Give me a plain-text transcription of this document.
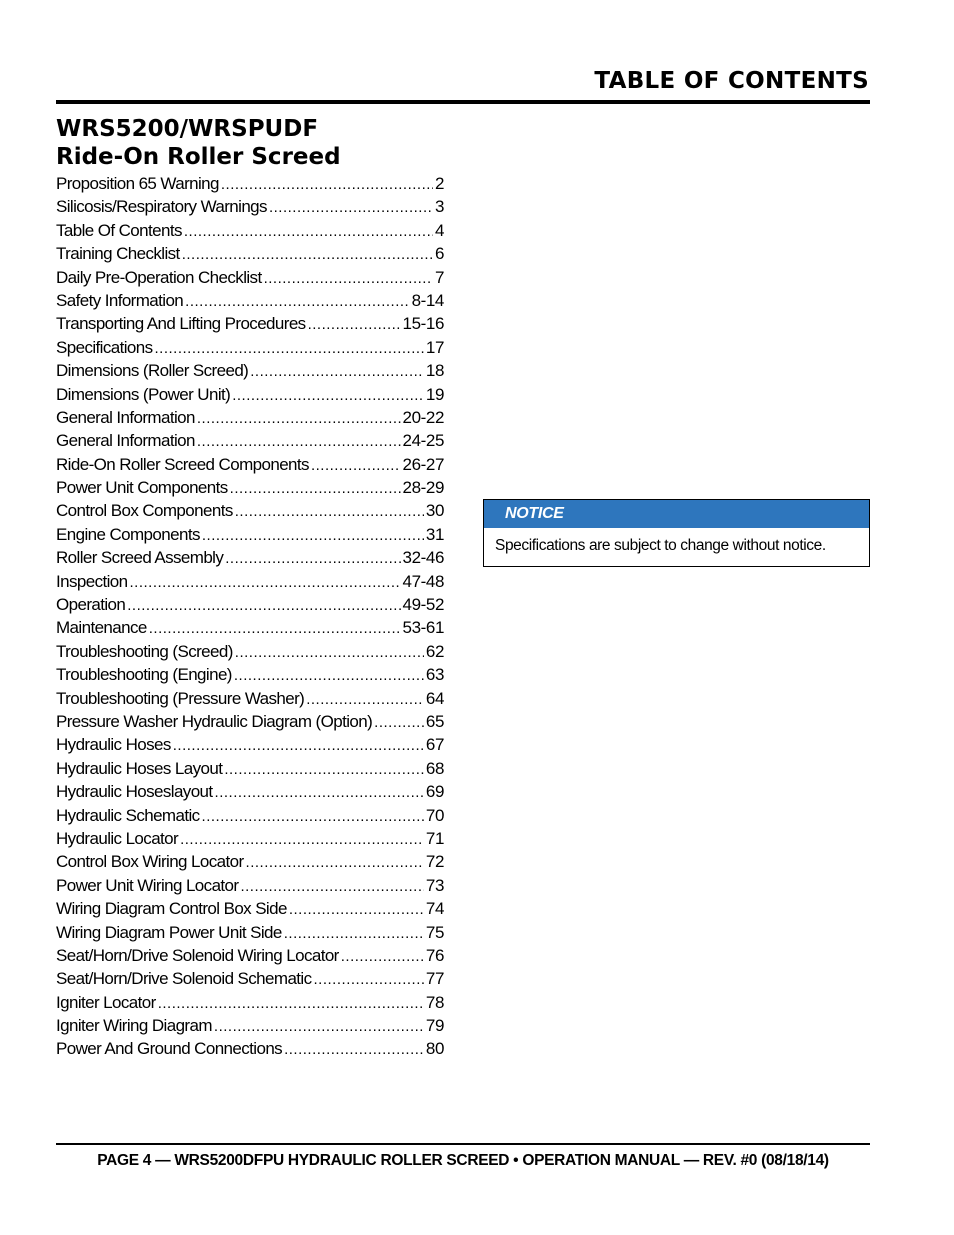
TABLE OF CONTENTS
WRS5200/WRSPUDF
Ride-On Roller Screed
Proposition 65 Warning .....	2
Silicosis/Respiratory Warnings .....	3
Table Of Contents .....	4
Training Checklist .....	6
Daily Pre-Operation Checklist .....	7
Safety Information .....	8-14
Transporting And Lifting Procedures .....	15-16
Specifications .....	17
Dimensions (Roller Screed) .....	18
Dimensions (Power Unit) .....	19
General Information .....	20-22
General Information .....	24-25
Ride-On Roller Screed Components .....	26-27
Power Unit Components .....	28-29
Control Box Components .....	30
Engine Components .....	31
Roller Screed Assembly .....	32-46
Inspection .....	47-48
Operation .....	49-52
Maintenance .....	53-61
Troubleshooting (Screed) .....	62
Troubleshooting (Engine) .....	63
Troubleshooting (Pressure Washer) .....	64
Pressure Washer Hydraulic Diagram (Option) .....	65
Hydraulic Hoses .....	67
Hydraulic Hoses Layout .....	68
Hydraulic Hoseslayout .....	69
Hydraulic Schematic .....	70
Hydraulic Locator .....	71
Control Box Wiring Locator .....	72
Power Unit Wiring Locator .....	73
Wiring Diagram Control Box Side .....	74
Wiring Diagram Power Unit Side .....	75
Seat/Horn/Drive Solenoid Wiring Locator .....	76
Seat/Horn/Drive Solenoid Schematic .....	77
Igniter Locator .....	78
Igniter Wiring Diagram .....	79
Power And Ground Connections .....	80
NOTICE
Specifications are subject to change without notice.
PAGE 4 — WRS5200DFPU HYDRAULIC ROLLER SCREED • OPERATION MANUAL — REV. #0 (08/18/14)
